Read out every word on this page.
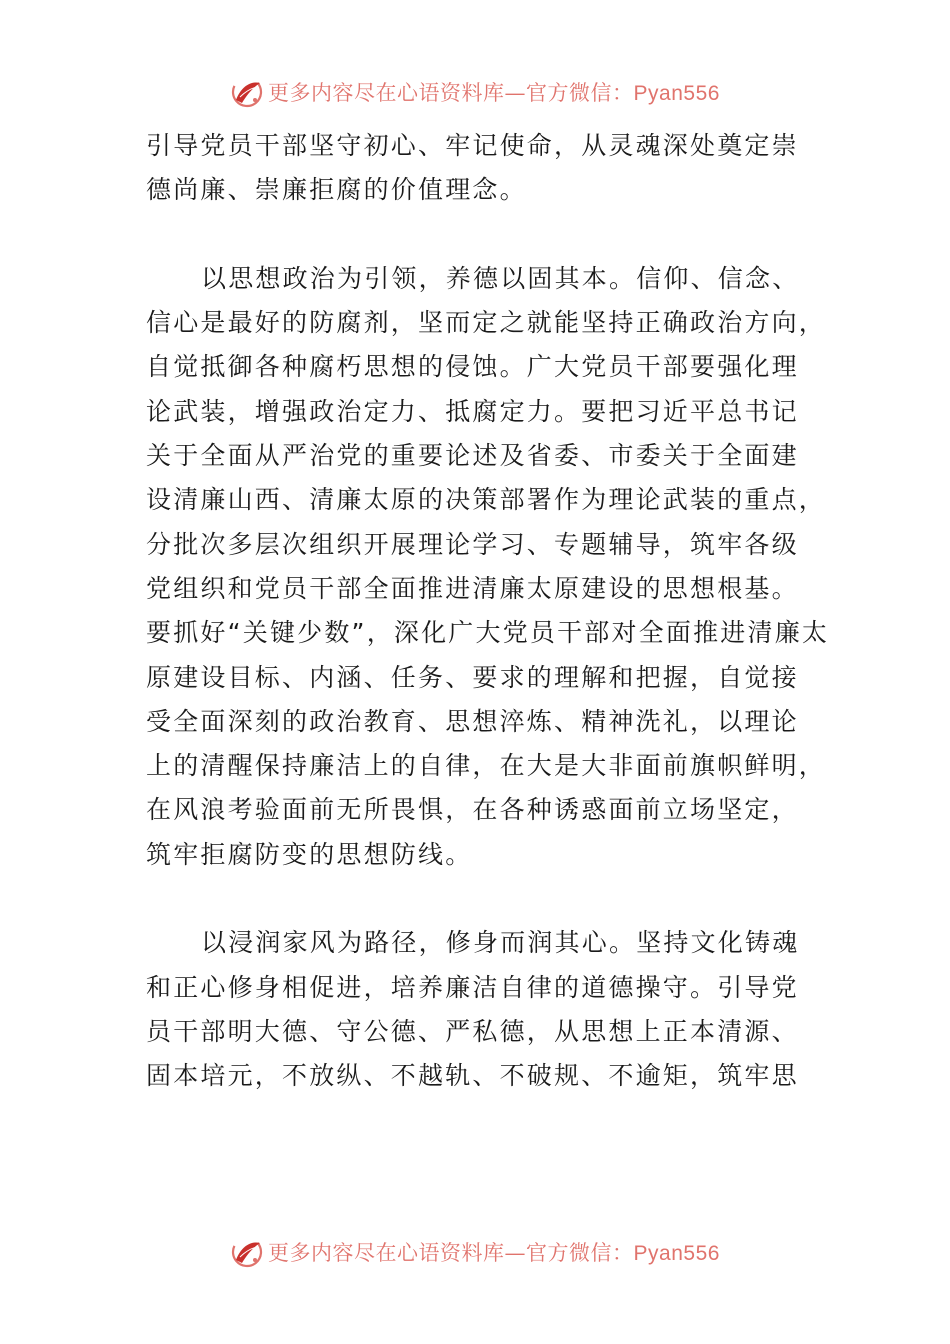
更多内容尽在心语资料库—官方微信：Pyan556

引导党员干部坚守初心、牢记使命，从灵魂深处奠定崇
德尚廉、崇廉拒腐的价值理念。

以思想政治为引领，养德以固其本。信仰、信念、
信心是最好的防腐剂，坚而定之就能坚持正确政治方向，
自觉抵御各种腐朽思想的侵蚀。广大党员干部要强化理
论武装，增强政治定力、抵腐定力。要把习近平总书记
关于全面从严治党的重要论述及省委、市委关于全面建
设清廉山西、清廉太原的决策部署作为理论武装的重点，
分批次多层次组织开展理论学习、专题辅导，筑牢各级
党组织和党员干部全面推进清廉太原建设的思想根基。
要抓好“关键少数”，深化广大党员干部对全面推进清廉太
原建设目标、内涵、任务、要求的理解和把握，自觉接
受全面深刻的政治教育、思想淬炼、精神洗礼，以理论
上的清醒保持廉洁上的自律，在大是大非面前旗帜鲜明，
在风浪考验面前无所畏惧，在各种诱惑面前立场坚定，
筑牢拒腐防变的思想防线。

以浸润家风为路径，修身而润其心。坚持文化铸魂
和正心修身相促进，培养廉洁自律的道德操守。引导党
员干部明大德、守公德、严私德，从思想上正本清源、
固本培元，不放纵、不越轨、不破规、不逾矩，筑牢思

更多内容尽在心语资料库—官方微信：Pyan556
